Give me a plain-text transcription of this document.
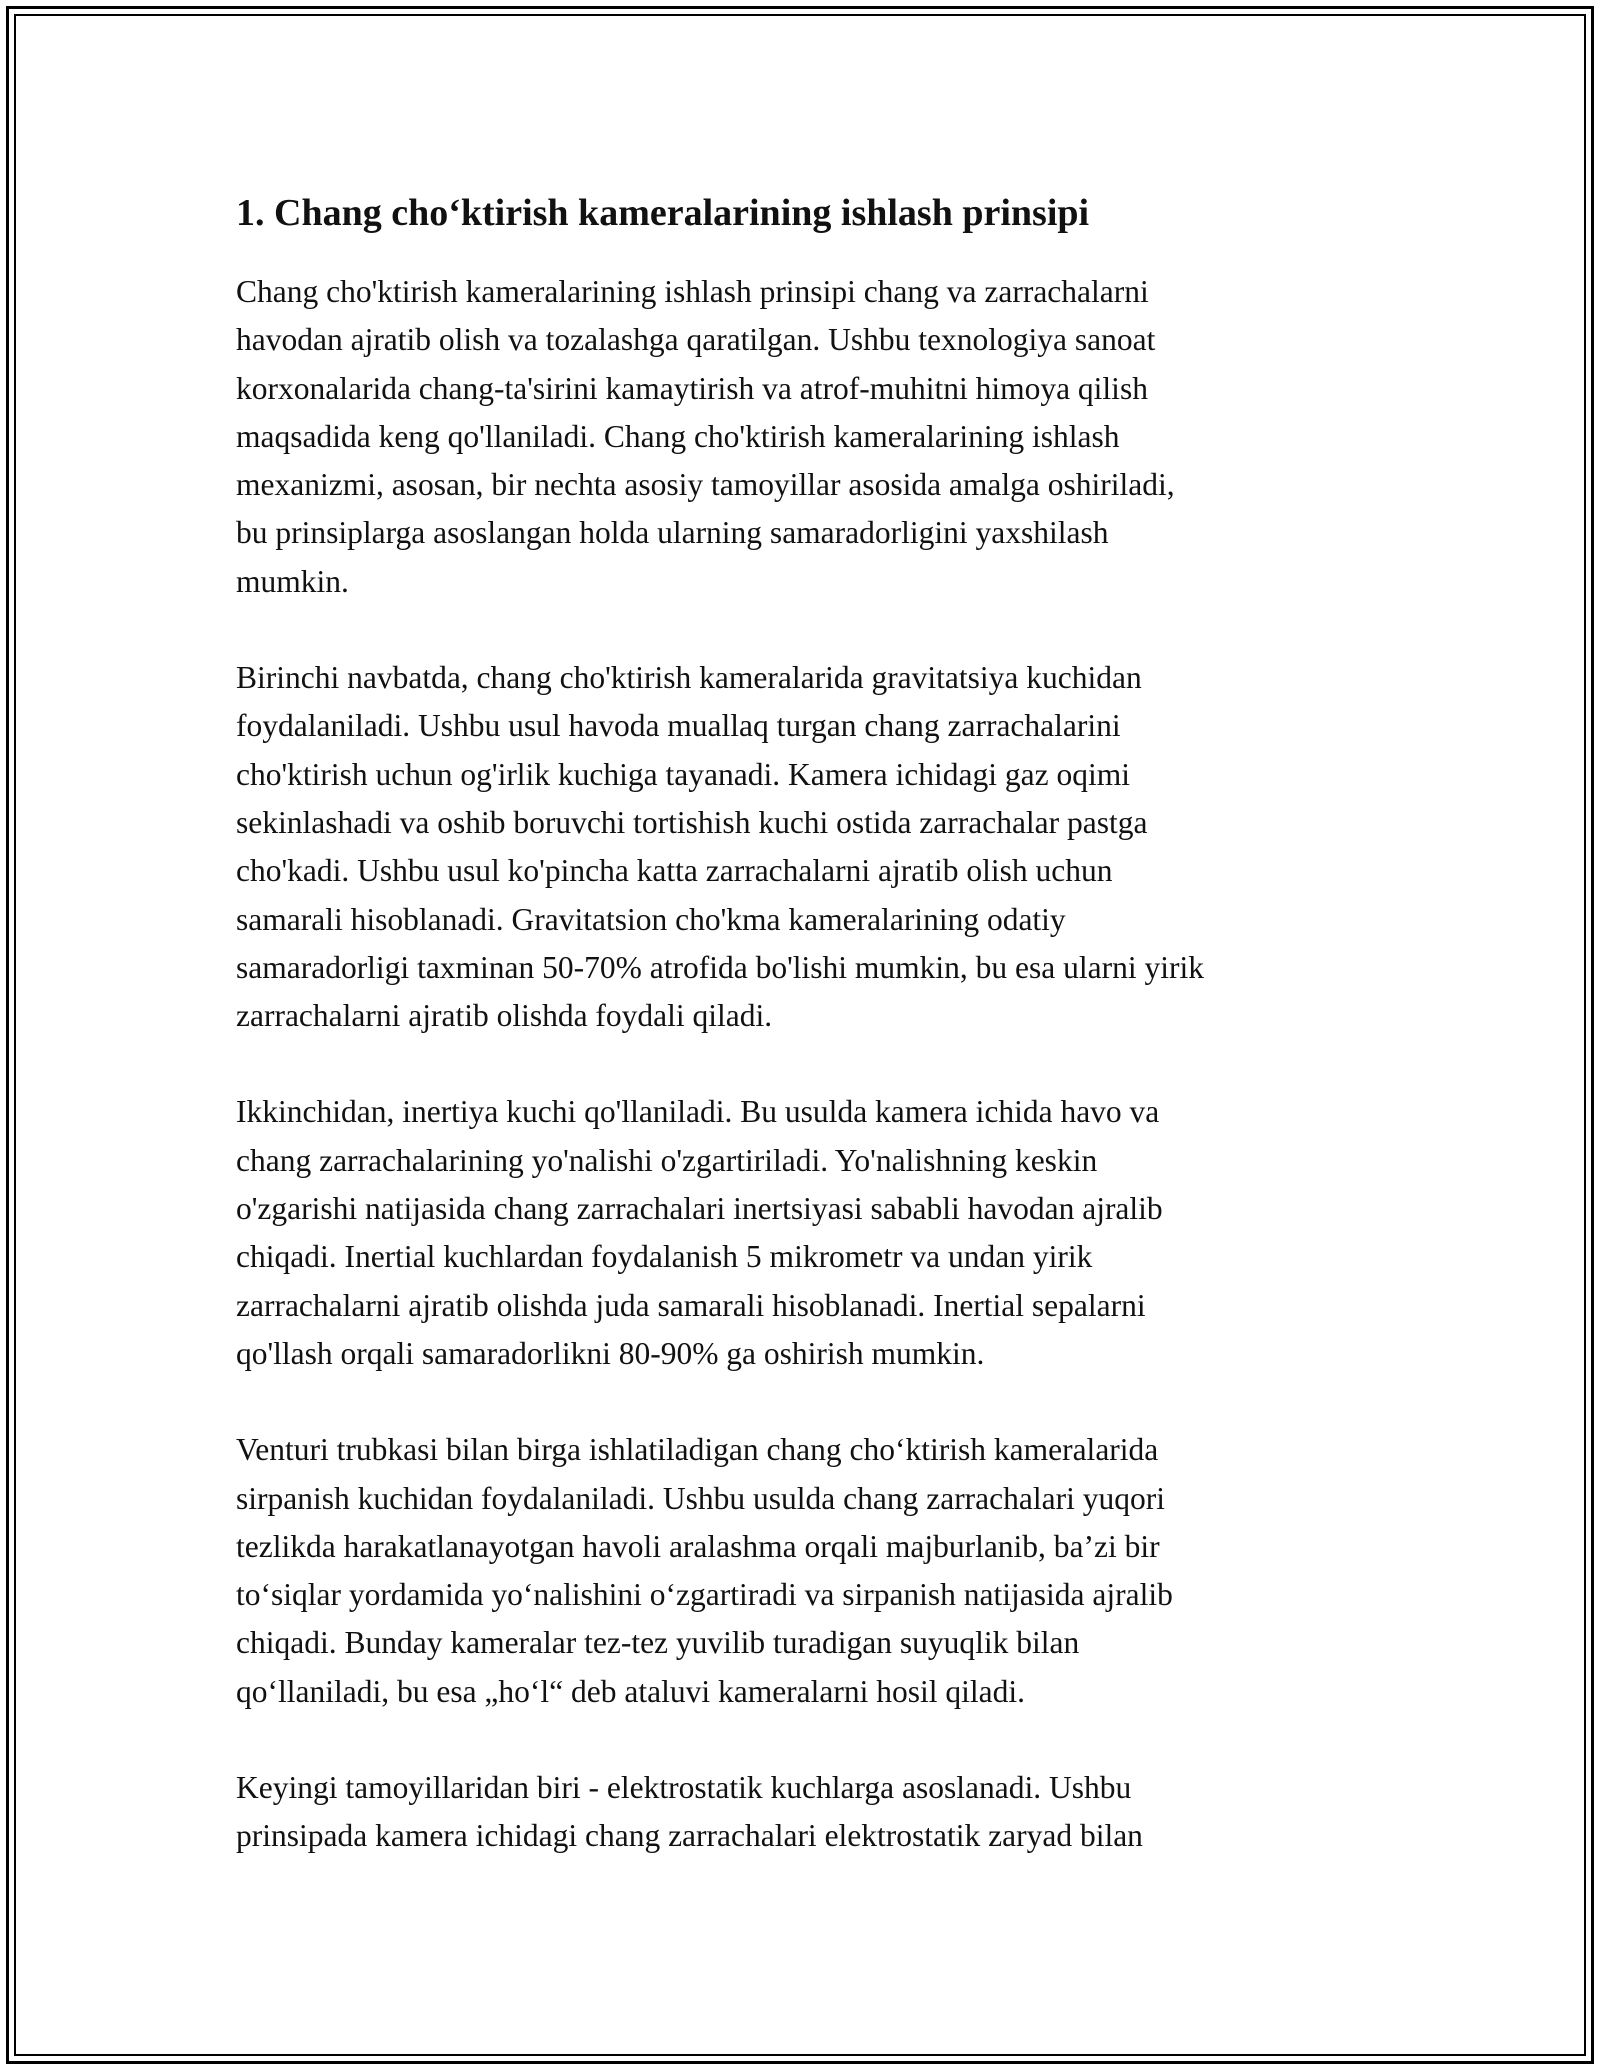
1. Chang cho‘ktirish kameralarining ishlash prinsipi

Chang cho'ktirish kameralarining ishlash prinsipi chang va zarrachalarni
havodan ajratib olish va tozalashga qaratilgan. Ushbu texnologiya sanoat
korxonalarida chang-ta'sirini kamaytirish va atrof-muhitni himoya qilish
maqsadida keng qo'llaniladi. Chang cho'ktirish kameralarining ishlash
mexanizmi, asosan, bir nechta asosiy tamoyillar asosida amalga oshiriladi,
bu prinsiplarga asoslangan holda ularning samaradorligini yaxshilash
mumkin.

Birinchi navbatda, chang cho'ktirish kameralarida gravitatsiya kuchidan
foydalaniladi. Ushbu usul havoda muallaq turgan chang zarrachalarini
cho'ktirish uchun og'irlik kuchiga tayanadi. Kamera ichidagi gaz oqimi
sekinlashadi va oshib boruvchi tortishish kuchi ostida zarrachalar pastga
cho'kadi. Ushbu usul ko'pincha katta zarrachalarni ajratib olish uchun
samarali hisoblanadi. Gravitatsion cho'kma kameralarining odatiy
samaradorligi taxminan 50-70% atrofida bo'lishi mumkin, bu esa ularni yirik
zarrachalarni ajratib olishda foydali qiladi.

Ikkinchidan, inertiya kuchi qo'llaniladi. Bu usulda kamera ichida havo va
chang zarrachalarining yo'nalishi o'zgartiriladi. Yo'nalishning keskin
o'zgarishi natijasida chang zarrachalari inertsiyasi sababli havodan ajralib
chiqadi. Inertial kuchlardan foydalanish 5 mikrometr va undan yirik
zarrachalarni ajratib olishda juda samarali hisoblanadi. Inertial sepalarni
qo'llash orqali samaradorlikni 80-90% ga oshirish mumkin.

Venturi trubkasi bilan birga ishlatiladigan chang cho‘ktirish kameralarida
sirpanish kuchidan foydalaniladi. Ushbu usulda chang zarrachalari yuqori
tezlikda harakatlanayotgan havoli aralashma orqali majburlanib, ba’zi bir
to‘siqlar yordamida yo‘nalishini o‘zgartiradi va sirpanish natijasida ajralib
chiqadi. Bunday kameralar tez-tez yuvilib turadigan suyuqlik bilan
qo‘llaniladi, bu esa „ho‘l“ deb ataluvi kameralarni hosil qiladi.

Keyingi tamoyillaridan biri - elektrostatik kuchlarga asoslanadi. Ushbu
prinsipada kamera ichidagi chang zarrachalari elektrostatik zaryad bilan
